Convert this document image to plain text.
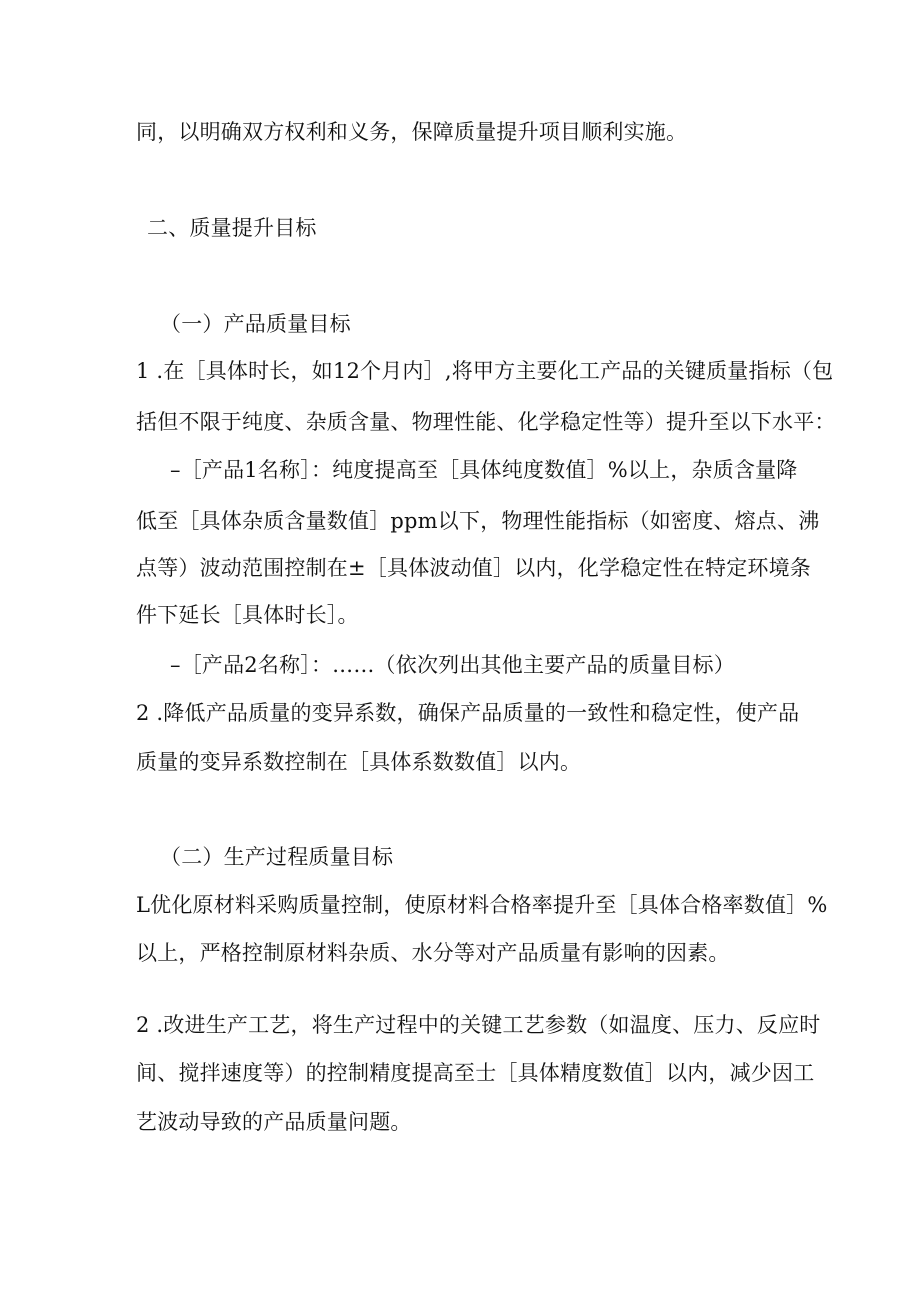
同，以明确双方权利和义务，保障质量提升项目顺利实施。
二、质量提升目标
（一）产品质量目标
1 .在［具体时长，如12个月内］,将甲方主要化工产品的关键质量指标（包
括但不限于纯度、杂质含量、物理性能、化学稳定性等）提升至以下水平：
–［产品1名称］：纯度提高至［具体纯度数值］%以上，杂质含量降
低至［具体杂质含量数值］ppm以下，物理性能指标（如密度、熔点、沸
点等）波动范围控制在±［具体波动值］以内，化学稳定性在特定环境条
件下延长［具体时长］。
–［产品2名称］：……（依次列出其他主要产品的质量目标）
2 .降低产品质量的变异系数，确保产品质量的一致性和稳定性，使产品
质量的变异系数控制在［具体系数数值］以内。
（二）生产过程质量目标
L优化原材料采购质量控制，使原材料合格率提升至［具体合格率数值］%
以上，严格控制原材料杂质、水分等对产品质量有影响的因素。
2 .改进生产工艺，将生产过程中的关键工艺参数（如温度、压力、反应时
间、搅拌速度等）的控制精度提高至士［具体精度数值］以内，减少因工
艺波动导致的产品质量问题。
